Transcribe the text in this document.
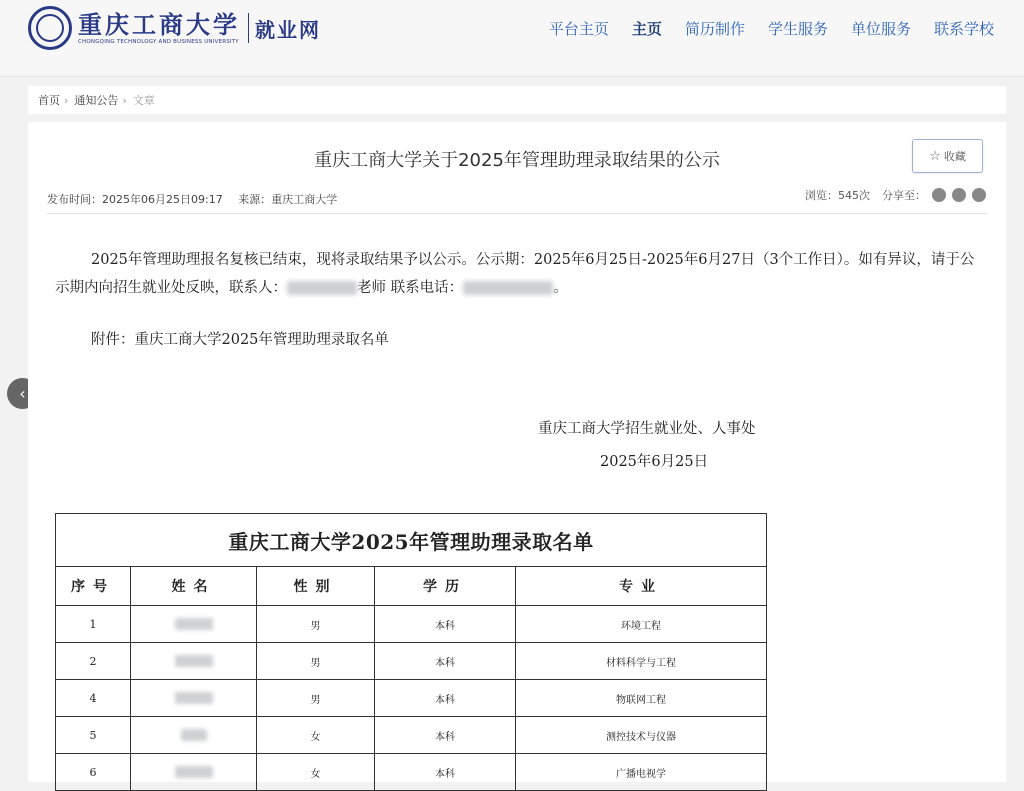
重庆工商大学
CHONGQING TECHNOLOGY AND BUSINESS UNIVERSITY
就业网	平台主页 主页 简历制作 学生服务 单位服务 联系学校
首页 › 通知公告 › 文章
‹
重庆工商大学关于2025年管理助理录取结果的公示	☆ 收藏
发布时间：2025年06月25日09:17 来源：重庆工商大学	浏览：545次 分享至：
2025年管理助理报名复核已结束，现将录取结果予以公示。公示期：2025年6月25日-2025年6月27日（3个工作日）。如有异议，请于公示期内向招生就业处反映，联系人：	老师 联系电话：	。
附件：重庆工商大学2025年管理助理录取名单
重庆工商大学招生就业处、人事处
2025年6月25日
重庆工商大学2025年管理助理录取名单				
序号	姓名	性别	学历	专业
1		男	本科	环境工程
2		男	本科	材料科学与工程
4		男	本科	物联网工程
5		女	本科	测控技术与仪器
6		女	本科	广播电视学
